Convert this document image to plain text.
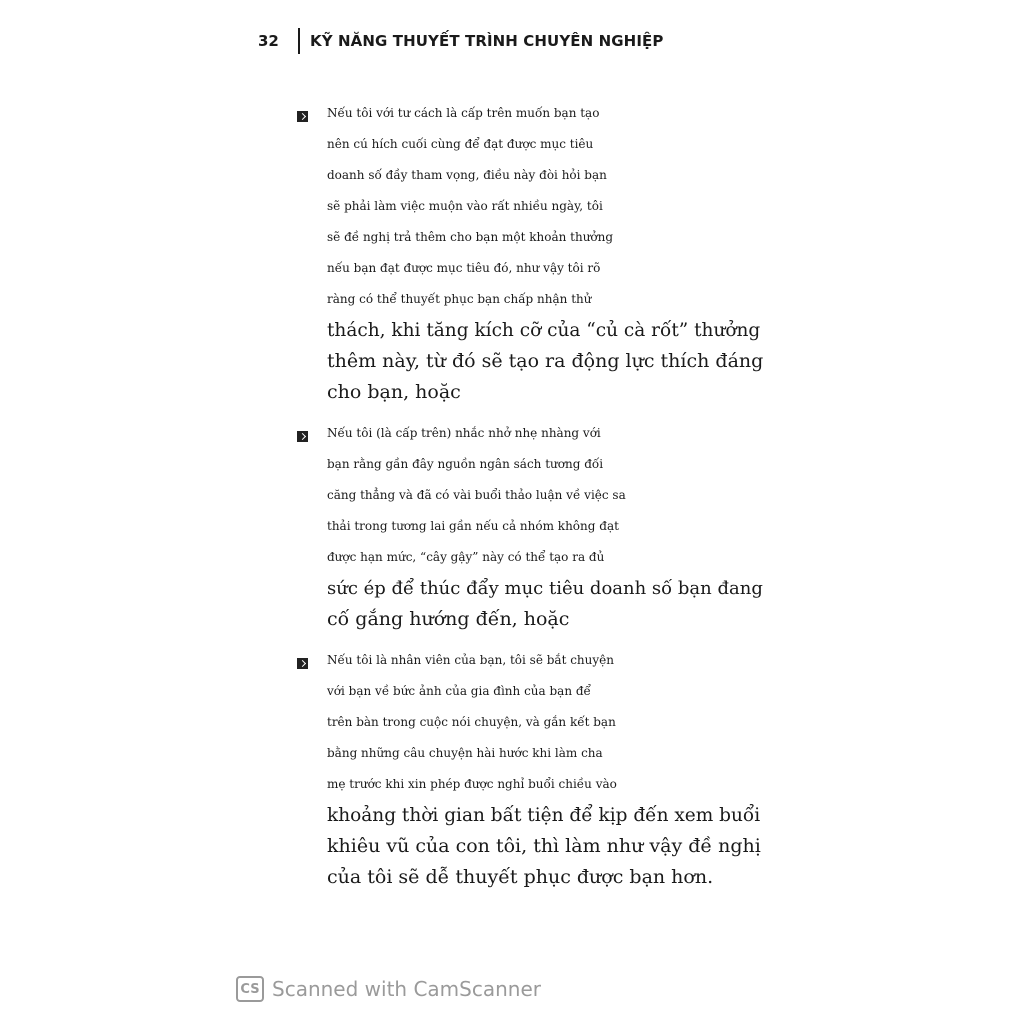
32	KỸ NĂNG THUYẾT TRÌNH CHUYÊN NGHIỆP

Nếu tôi với tư cách là cấp trên muốn bạn tạo
nên cú hích cuối cùng để đạt được mục tiêu
doanh số đầy tham vọng, điều này đòi hỏi bạn
sẽ phải làm việc muộn vào rất nhiều ngày, tôi
sẽ đề nghị trả thêm cho bạn một khoản thưởng
nếu bạn đạt được mục tiêu đó, như vậy tôi rõ
ràng có thể thuyết phục bạn chấp nhận thử
thách, khi tăng kích cỡ của “củ cà rốt” thưởng
thêm này, từ đó sẽ tạo ra động lực thích đáng
cho bạn, hoặc

Nếu tôi (là cấp trên) nhắc nhở nhẹ nhàng với
bạn rằng gần đây nguồn ngân sách tương đối
căng thẳng và đã có vài buổi thảo luận về việc sa
thải trong tương lai gần nếu cả nhóm không đạt
được hạn mức, “cây gậy” này có thể tạo ra đủ
sức ép để thúc đẩy mục tiêu doanh số bạn đang
cố gắng hướng đến, hoặc

Nếu tôi là nhân viên của bạn, tôi sẽ bắt chuyện
với bạn về bức ảnh của gia đình của bạn để
trên bàn trong cuộc nói chuyện, và gắn kết bạn
bằng những câu chuyện hài hước khi làm cha
mẹ trước khi xin phép được nghỉ buổi chiều vào
khoảng thời gian bất tiện để kịp đến xem buổi
khiêu vũ của con tôi, thì làm như vậy đề nghị
của tôi sẽ dễ thuyết phục được bạn hơn.

CS Scanned with CamScanner
